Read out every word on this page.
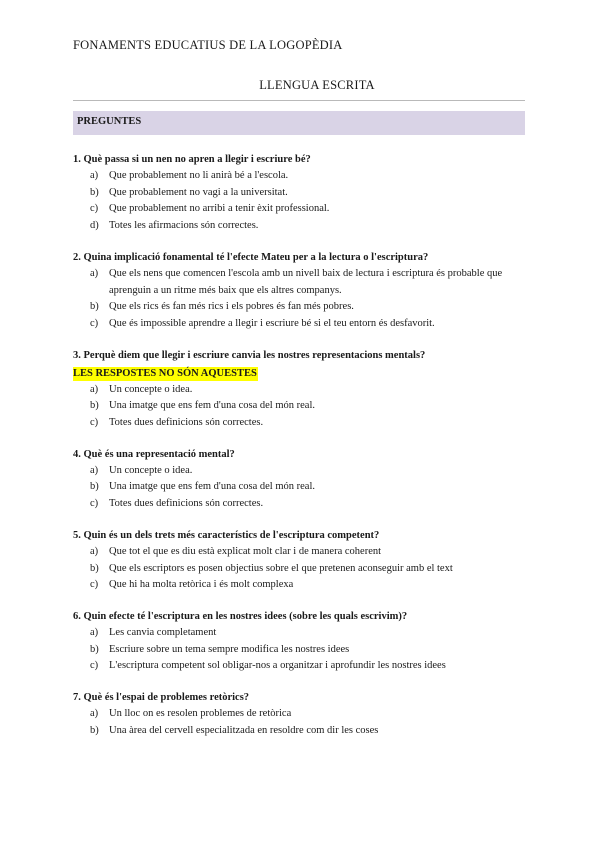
FONAMENTS EDUCATIUS DE LA LOGOPÈDIA
LLENGUA ESCRITA
PREGUNTES
1. Què passa si un nen no apren a llegir i escriure bé?
a) Que probablement no li anirà bé a l'escola.
b) Que probablement no vagi a la universitat.
c) Que probablement no arribi a tenir èxit professional.
d) Totes les afirmacions són correctes.
2. Quina implicació fonamental té l'efecte Mateu per a la lectura o l'escriptura?
a) Que els nens que comencen l'escola amb un nivell baix de lectura i escriptura és probable que aprenguin a un ritme més baix que els altres companys.
b) Que els rics és fan més rics i els pobres és fan més pobres.
c) Que és impossible aprendre a llegir i escriure bé si el teu entorn és desfavorit.
3. Perquè diem que llegir i escriure canvia les nostres representacions mentals?
LES RESPOSTES NO SÓN AQUESTES
a) Un concepte o idea.
b) Una imatge que ens fem d'una cosa del món real.
c) Totes dues definicions són correctes.
4. Què és una representació mental?
a) Un concepte o idea.
b) Una imatge que ens fem d'una cosa del món real.
c) Totes dues definicions són correctes.
5. Quin és un dels trets més característics de l'escriptura competent?
a) Que tot el que es diu està explicat molt clar i de manera coherent
b) Que els escriptors es posen objectius sobre el que pretenen aconseguir amb el text
c) Que hi ha molta retòrica i és molt complexa
6. Quin efecte té l'escriptura en les nostres idees (sobre les quals escrivim)?
a) Les canvia completament
b) Escriure sobre un tema sempre modifica les nostres idees
c) L'escriptura competent sol obligar-nos a organitzar i aprofundir les nostres idees
7. Què és l'espai de problemes retòrics?
a) Un lloc on es resolen problemes de retòrica
b) Una àrea del cervell especialitzada en resoldre com dir les coses
